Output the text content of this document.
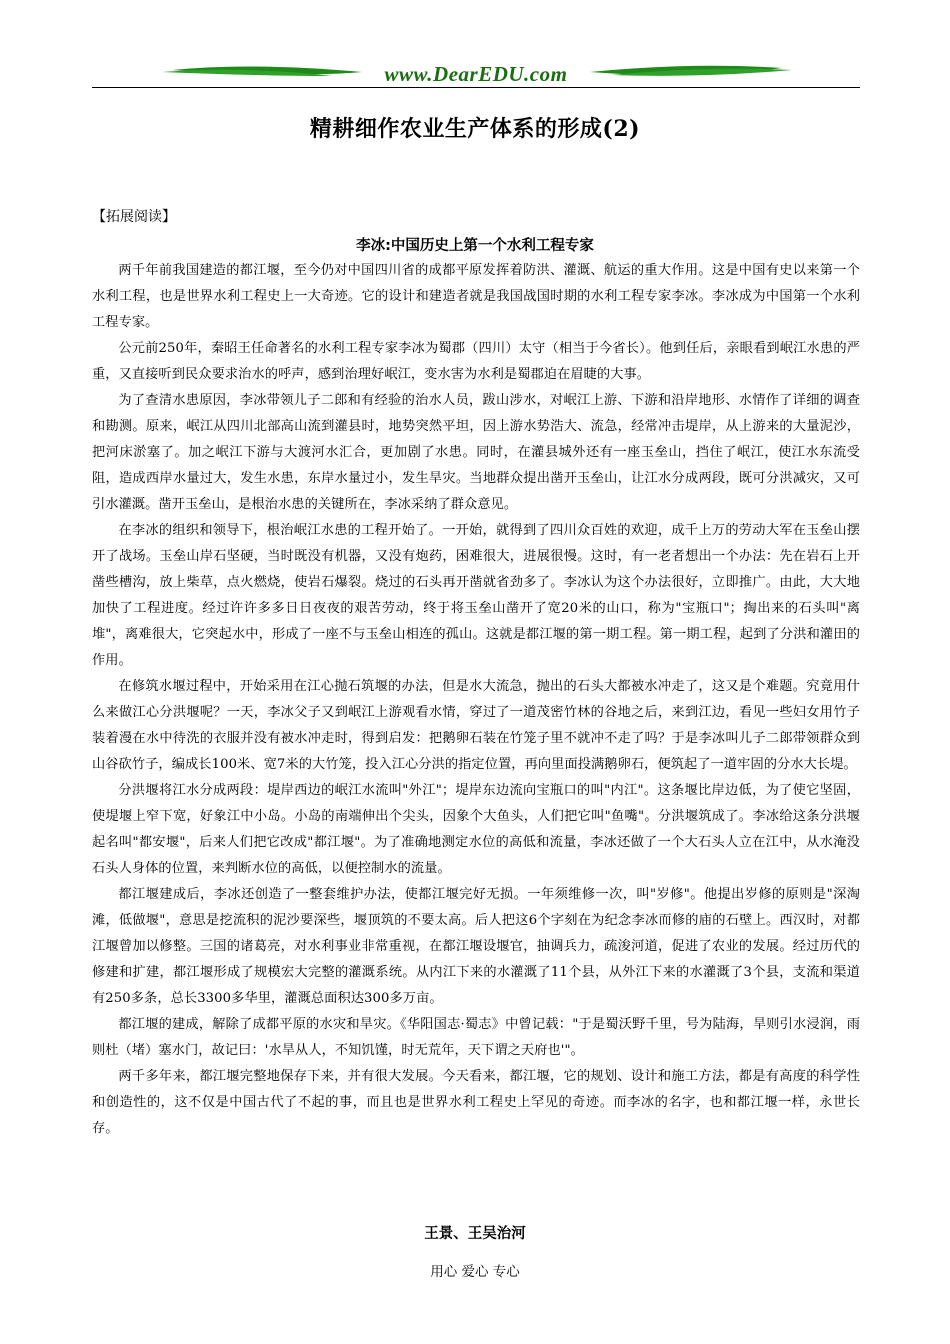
www.DearEDU.com
精耕细作农业生产体系的形成(2)
【拓展阅读】
李冰:中国历史上第一个水利工程专家

两千年前我国建造的都江堰，至今仍对中国四川省的成都平原发挥着防洪、灌溉、航运的重大作用。这是中国有史以来第一个水利工程，也是世界水利工程史上一大奇迹。它的设计和建造者就是我国战国时期的水利工程专家李冰。李冰成为中国第一个水利工程专家。

公元前250年，秦昭王任命著名的水利工程专家李冰为蜀郡（四川）太守（相当于今省长）。他到任后，亲眼看到岷江水患的严重，又直接听到民众要求治水的呼声，感到治理好岷江，变水害为水利是蜀郡迫在眉睫的大事。

为了查清水患原因，李冰带领儿子二郎和有经验的治水人员，跋山涉水，对岷江上游、下游和沿岸地形、水情作了详细的调查和勘测。原来，岷江从四川北部高山流到灌县时，地势突然平坦，因上游水势浩大、流急，经常冲击堤岸，从上游来的大量泥沙，把河床淤塞了。加之岷江下游与大渡河水汇合，更加剧了水患。同时，在灌县城外还有一座玉垒山，挡住了岷江，使江水东流受阻，造成西岸水量过大，发生水患，东岸水量过小，发生旱灾。当地群众提出凿开玉垒山，让江水分成两段，既可分洪减灾，又可引水灌溉。凿开玉垒山，是根治水患的关键所在，李冰采纳了群众意见。

在李冰的组织和领导下，根治岷江水患的工程开始了。一开始，就得到了四川众百姓的欢迎，成千上万的劳动大军在玉垒山摆开了战场。玉垒山岸石坚硬，当时既没有机器，又没有炮药，困难很大，进展很慢。这时，有一老者想出一个办法：先在岩石上开凿些槽沟，放上柴草，点火燃烧，使岩石爆裂。烧过的石头再开凿就省劲多了。李冰认为这个办法很好，立即推广。由此，大大地加快了工程进度。经过许许多多日日夜夜的艰苦劳动，终于将玉垒山凿开了宽20米的山口，称为"宝瓶口"；掏出来的石头叫"离堆"，离难很大，它突起水中，形成了一座不与玉垒山相连的孤山。这就是都江堰的第一期工程。第一期工程，起到了分洪和灌田的作用。

在修筑水堰过程中，开始采用在江心抛石筑堰的办法，但是水大流急，抛出的石头大都被水冲走了，这又是个难题。究竟用什么来做江心分洪堰呢？一天，李冰父子又到岷江上游观看水情，穿过了一道茂密竹林的谷地之后，来到江边，看见一些妇女用竹子装着漫在水中待洗的衣服并没有被水冲走时，得到启发：把鹅卵石装在竹笼子里不就冲不走了吗？于是李冰叫儿子二郎带领群众到山谷砍竹子，编成长100米、宽7米的大竹笼，投入江心分洪的指定位置，再向里面投满鹅卵石，便筑起了一道牢固的分水大长堤。

分洪堰将江水分成两段：堤岸西边的岷江水流叫"外江"；堤岸东边流向宝瓶口的叫"内江"。这条堰比岸边低，为了使它坚固，使堤堰上窄下宽，好象江中小岛。小岛的南端伸出个尖头，因象个大鱼头，人们把它叫"鱼嘴"。分洪堰筑成了。李冰给这条分洪堰起名叫"都安堰"，后来人们把它改成"都江堰"。为了准确地测定水位的高低和流量，李冰还做了一个大石头人立在江中，从水淹没石头人身体的位置，来判断水位的高低，以便控制水的流量。

都江堰建成后，李冰还创造了一整套维护办法，使都江堰完好无损。一年须维修一次，叫"岁修"。他提出岁修的原则是"深淘滩，低做堰"，意思是挖流积的泥沙要深些，堰顶筑的不要太高。后人把这6个字刻在为纪念李冰而修的庙的石壁上。西汉时，对都江堰曾加以修整。三国的诸葛亮，对水利事业非常重视，在都江堰设堰官，抽调兵力，疏浚河道，促进了农业的发展。经过历代的修建和扩建，都江堰形成了规模宏大完整的灌溉系统。从内江下来的水灌溉了11个县，从外江下来的水灌溉了3个县，支流和渠道有250多条，总长3300多华里，灌溉总面积达300多万亩。

都江堰的建成，解除了成都平原的水灾和旱灾。《华阳国志·蜀志》中曾记载："于是蜀沃野千里，号为陆海，旱则引水浸润，雨则杜（堵）塞水门，故记曰：'水旱从人，不知饥馑，时无荒年，天下谓之天府也'"。

两千多年来，都江堰完整地保存下来，并有很大发展。今天看来，都江堰，它的规划、设计和施工方法，都是有高度的科学性和创造性的，这不仅是中国古代了不起的事，而且也是世界水利工程史上罕见的奇迹。而李冰的名字，也和都江堰一样，永世长存。

王景、王吴治河
用心 爱心 专心
